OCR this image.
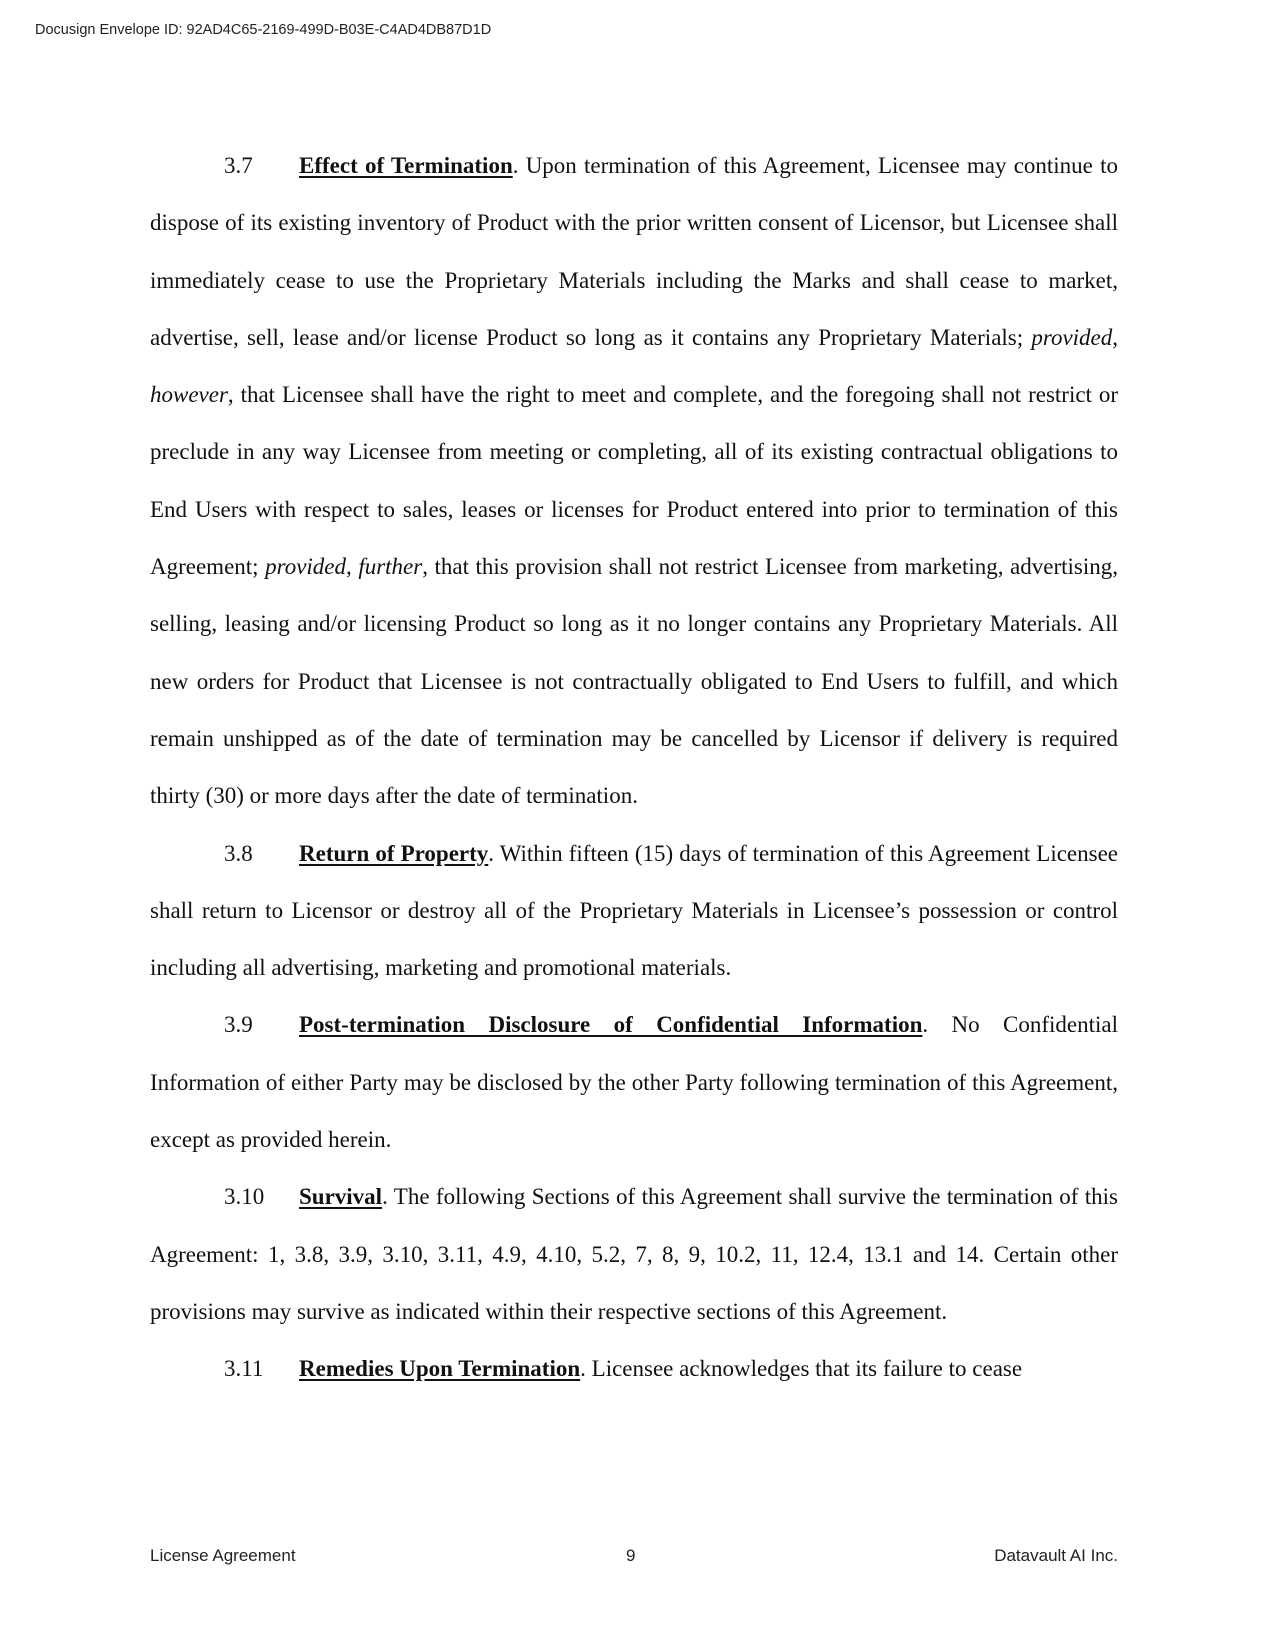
Docusign Envelope ID: 92AD4C65-2169-499D-B03E-C4AD4DB87D1D

3.7 Effect of Termination. Upon termination of this Agreement, Licensee may continue to dispose of its existing inventory of Product with the prior written consent of Licensor, but Licensee shall immediately cease to use the Proprietary Materials including the Marks and shall cease to market, advertise, sell, lease and/or license Product so long as it contains any Proprietary Materials; provided, however, that Licensee shall have the right to meet and complete, and the foregoing shall not restrict or preclude in any way Licensee from meeting or completing, all of its existing contractual obligations to End Users with respect to sales, leases or licenses for Product entered into prior to termination of this Agreement; provided, further, that this provision shall not restrict Licensee from marketing, advertising, selling, leasing and/or licensing Product so long as it no longer contains any Proprietary Materials. All new orders for Product that Licensee is not contractually obligated to End Users to fulfill, and which remain unshipped as of the date of termination may be cancelled by Licensor if delivery is required thirty (30) or more days after the date of termination.

3.8 Return of Property. Within fifteen (15) days of termination of this Agreement Licensee shall return to Licensor or destroy all of the Proprietary Materials in Licensee’s possession or control including all advertising, marketing and promotional materials.

3.9 Post-termination Disclosure of Confidential Information. No Confidential Information of either Party may be disclosed by the other Party following termination of this Agreement, except as provided herein.

3.10 Survival. The following Sections of this Agreement shall survive the termination of this Agreement: 1, 3.8, 3.9, 3.10, 3.11, 4.9, 4.10, 5.2, 7, 8, 9, 10.2, 11, 12.4, 13.1 and 14. Certain other provisions may survive as indicated within their respective sections of this Agreement.

3.11 Remedies Upon Termination. Licensee acknowledges that its failure to cease

License Agreement	9	Datavault AI Inc.
